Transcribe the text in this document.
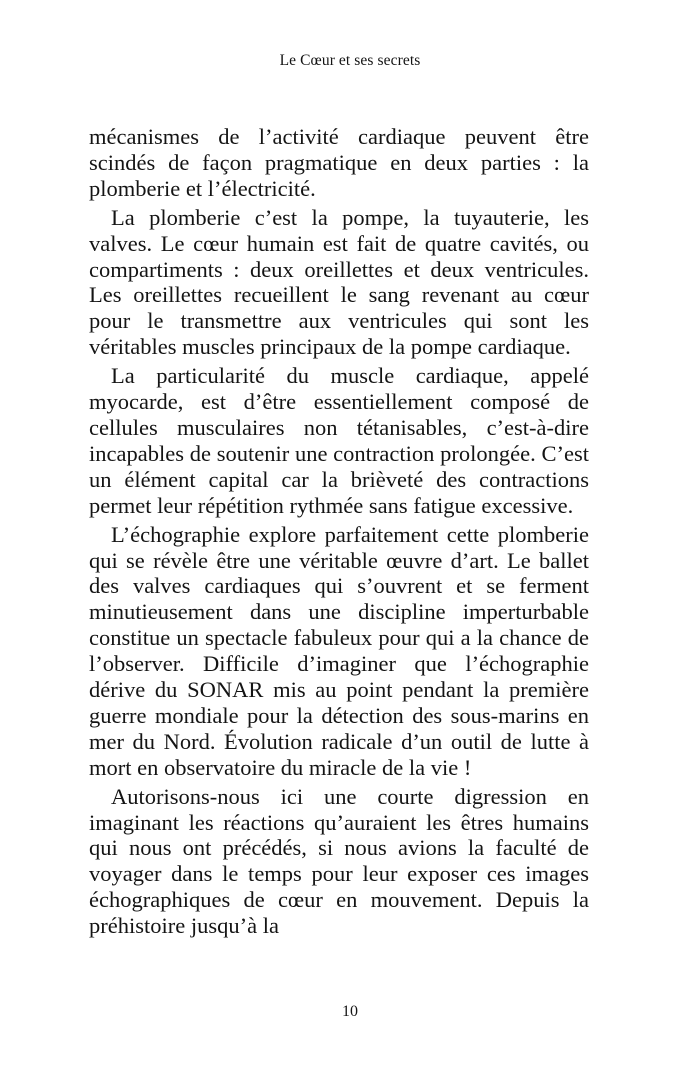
Le Cœur et ses secrets

mécanismes de l’activité cardiaque peuvent être scindés de façon pragmatique en deux parties : la plomberie et l’électricité.

La plomberie c’est la pompe, la tuyauterie, les valves. Le cœur humain est fait de quatre cavités, ou compartiments : deux oreillettes et deux ventricules. Les oreillettes recueillent le sang revenant au cœur pour le transmettre aux ventricules qui sont les véritables muscles principaux de la pompe cardiaque.

La particularité du muscle cardiaque, appelé myocarde, est d’être essentiellement composé de cellules musculaires non tétanisables, c’est-à-dire incapables de soutenir une contraction prolongée. C’est un élément capital car la brièveté des contractions permet leur répétition rythmée sans fatigue excessive.

L’échographie explore parfaitement cette plomberie qui se révèle être une véritable œuvre d’art. Le ballet des valves cardiaques qui s’ouvrent et se ferment minutieusement dans une discipline imperturbable constitue un spectacle fabuleux pour qui a la chance de l’observer. Difficile d’imaginer que l’échographie dérive du SONAR mis au point pendant la première guerre mondiale pour la détection des sous-marins en mer du Nord. Évolution radicale d’un outil de lutte à mort en observatoire du miracle de la vie !

Autorisons-nous ici une courte digression en imaginant les réactions qu’auraient les êtres humains qui nous ont précédés, si nous avions la faculté de voyager dans le temps pour leur exposer ces images échographiques de cœur en mouvement. Depuis la préhistoire jusqu’à la

10
